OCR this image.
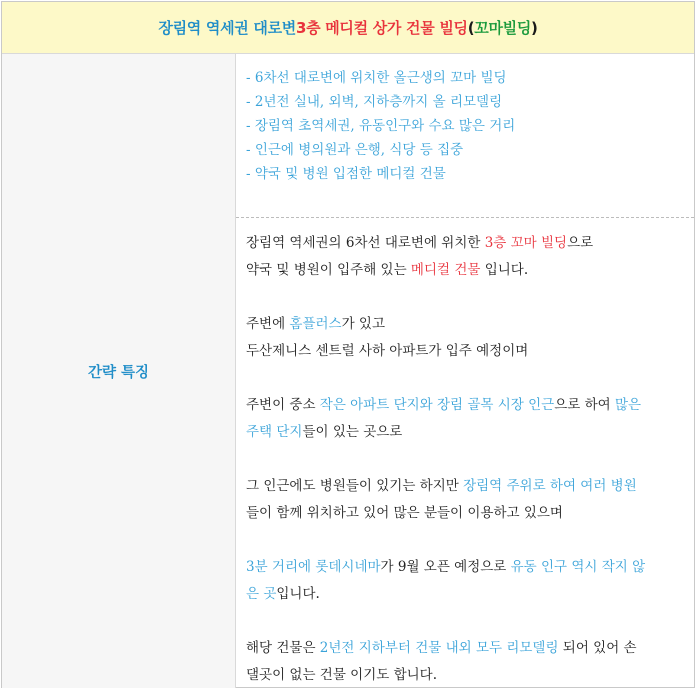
장림역 역세권 대로변 3층 메디컬 상가 건물 빌딩 ( 꼬마빌딩 )
간략 특징
- 6차선 대로변에 위치한 올근생의 꼬마 빌딩
- 2년전 실내, 외벽, 지하층까지 올 리모델링
- 장림역 초역세권, 유동인구와 수요 많은 거리
- 인근에 병의원과 은행, 식당 등 집중
- 약국 및 병원 입점한 메디컬 건물

장림역 역세권의 6차선 대로변에 위치한 3층 꼬마 빌딩으로
약국 및 병원이 입주해 있는 메디컬 건물 입니다.

주변에 홈플러스가 있고
두산제니스 센트럴 사하 아파트가 입주 예정이며

주변이 중소 작은 아파트 단지와 장림 골목 시장 인근으로 하여 많은
주택 단지들이 있는 곳으로

그 인근에도 병원들이 있기는 하지만 장림역 주위로 하여 여러 병원
들이 함께 위치하고 있어 많은 분들이 이용하고 있으며

3분 거리에 롯데시네마가 9월 오픈 예정으로 유동 인구 역시 작지 않
은 곳입니다.

해당 건물은 2년전 지하부터 건물 내외 모두 리모델링 되어 있어 손
댈곳이 없는 건물 이기도 합니다.
